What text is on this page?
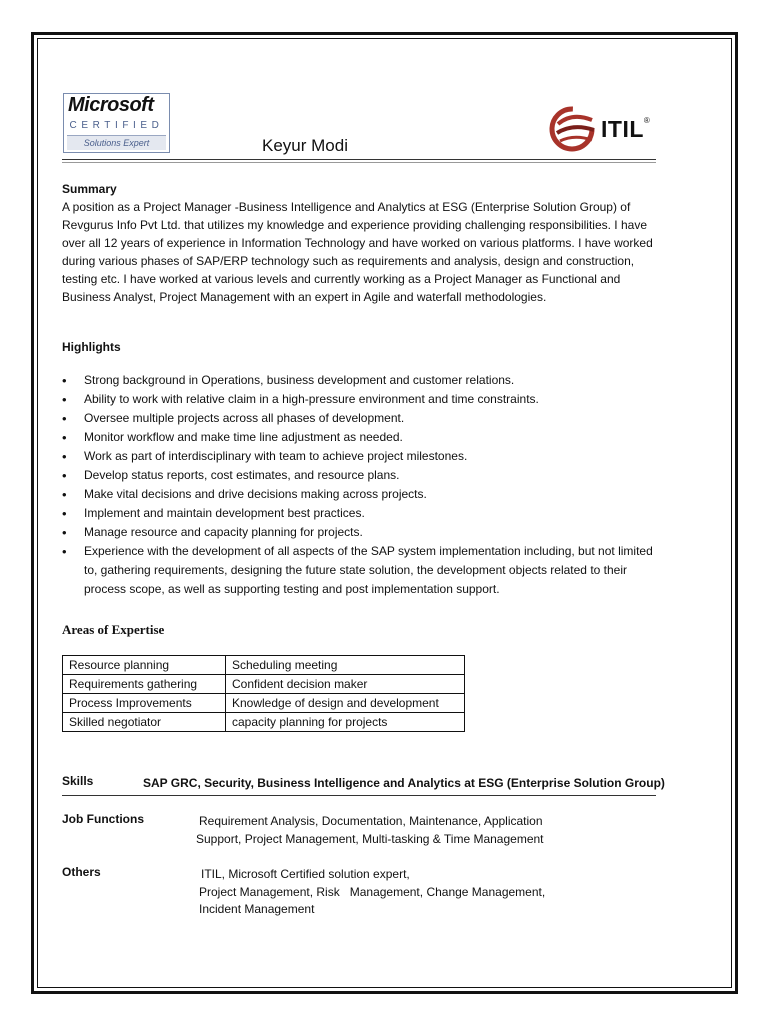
Microsoft
CERTIFIED
Solutions Expert
ITIL®
Keyur Modi
Summary
A position as a Project Manager -Business Intelligence and Analytics at ESG (Enterprise Solution Group) of Revgurus Info Pvt Ltd. that utilizes my knowledge and experience providing challenging responsibilities. I have over all 12 years of experience in Information Technology and have worked on various platforms. I have worked during various phases of SAP/ERP technology such as requirements and analysis, design and construction, testing etc. I have worked at various levels and currently working as a Project Manager as Functional and Business Analyst, Project Management with an expert in Agile and waterfall methodologies.
Highlights
• Strong background in Operations, business development and customer relations.
• Ability to work with relative claim in a high-pressure environment and time constraints.
• Oversee multiple projects across all phases of development.
• Monitor workflow and make time line adjustment as needed.
• Work as part of interdisciplinary with team to achieve project milestones.
• Develop status reports, cost estimates, and resource plans.
• Make vital decisions and drive decisions making across projects.
• Implement and maintain development best practices.
• Manage resource and capacity planning for projects.
• Experience with the development of all aspects of the SAP system implementation including, but not limited to, gathering requirements, designing the future state solution, the development objects related to their process scope, as well as supporting testing and post implementation support.
Areas of Expertise
Resource planning	Scheduling meeting
Requirements gathering	Confident decision maker
Process Improvements	Knowledge of design and development
Skilled negotiator	capacity planning for projects
Skills	SAP GRC, Security, Business Intelligence and Analytics at ESG (Enterprise Solution Group)
Job Functions	Requirement Analysis, Documentation, Maintenance, Application
Support, Project Management, Multi-tasking & Time Management
Others	ITIL, Microsoft Certified solution expert,
Project Management, Risk   Management, Change Management,
Incident Management
